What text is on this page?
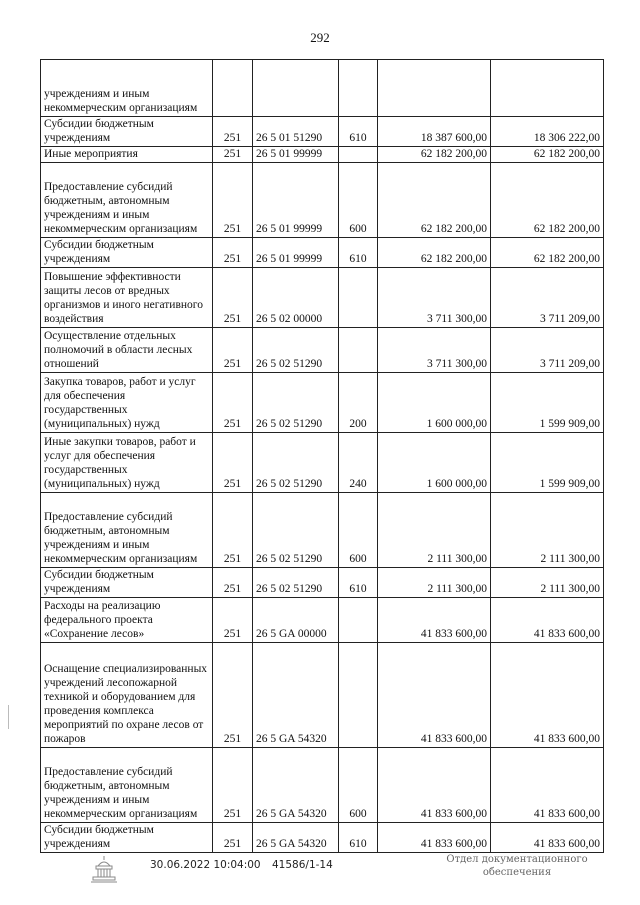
292
учреждениям и иным некоммерческим организациям					
Субсидии бюджетным учреждениям	251	26 5 01 51290	610	18 387 600,00	18 306 222,00
Иные мероприятия	251	26 5 01 99999		62 182 200,00	62 182 200,00
Предоставление субсидий бюджетным, автономным учреждениям и иным некоммерческим организациям	251	26 5 01 99999	600	62 182 200,00	62 182 200,00
Субсидии бюджетным учреждениям	251	26 5 01 99999	610	62 182 200,00	62 182 200,00
Повышение эффективности защиты лесов от вредных организмов и иного негативного воздействия	251	26 5 02 00000		3 711 300,00	3 711 209,00
Осуществление отдельных полномочий в области лесных отношений	251	26 5 02 51290		3 711 300,00	3 711 209,00
Закупка товаров, работ и услуг для обеспечения государственных (муниципальных) нужд	251	26 5 02 51290	200	1 600 000,00	1 599 909,00
Иные закупки товаров, работ и услуг для обеспечения государственных (муниципальных) нужд	251	26 5 02 51290	240	1 600 000,00	1 599 909,00
Предоставление субсидий бюджетным, автономным учреждениям и иным некоммерческим организациям	251	26 5 02 51290	600	2 111 300,00	2 111 300,00
Субсидии бюджетным учреждениям	251	26 5 02 51290	610	2 111 300,00	2 111 300,00
Расходы на реализацию федерального проекта «Сохранение лесов»	251	26 5 GA 00000		41 833 600,00	41 833 600,00
Оснащение специализированных учреждений лесопожарной техникой и оборудованием для проведения комплекса мероприятий по охране лесов от пожаров	251	26 5 GA 54320		41 833 600,00	41 833 600,00
Предоставление субсидий бюджетным, автономным учреждениям и иным некоммерческим организациям	251	26 5 GA 54320	600	41 833 600,00	41 833 600,00
Субсидии бюджетным учреждениям	251	26 5 GA 54320	610	41 833 600,00	41 833 600,00
30.06.2022 10:04:00 41586/1-14	Отдел документационного
обеспечения
